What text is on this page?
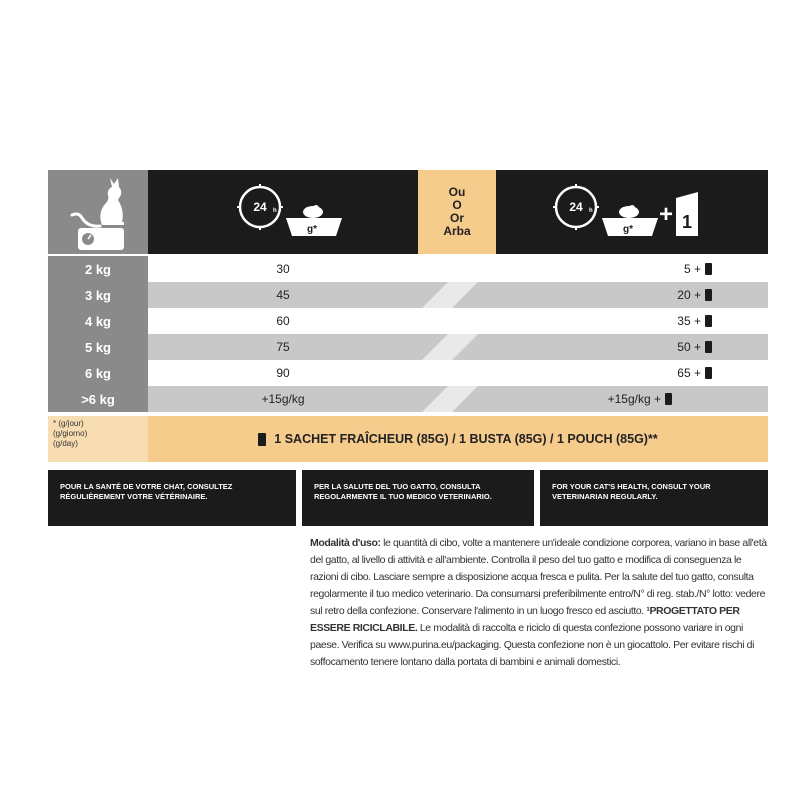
24 h
g*
Ou
O
Or
Arba
24 h
g*
+ 1
2 kg
3 kg
4 kg
5 kg
6 kg
>6 kg
30
45
60
75
90
+15g/kg
5 +
20 +
35 +
50 +
65 +
+15g/kg +
* (g/jour)
(g/giorno)
(g/day)	1 SACHET FRAÎCHEUR (85G) / 1 BUSTA (85G) / 1 POUCH (85G)**
POUR LA SANTÉ DE VOTRE CHAT, CONSULTEZ RÉGULIÈREMENT VOTRE VÉTÉRINAIRE.
PER LA SALUTE DEL TUO GATTO, CONSULTA REGOLARMENTE IL TUO MEDICO VETERINARIO.
FOR YOUR CAT'S HEALTH, CONSULT YOUR VETERINARIAN REGULARLY.
Modalità d'uso: le quantità di cibo, volte a mantenere un'ideale condizione corporea, variano in base all'età del gatto, al livello di attività e all'ambiente. Controlla il peso del tuo gatto e modifica di conseguenza le razioni di cibo. Lasciare sempre a disposizione acqua fresca e pulita. Per la salute del tuo gatto, consulta regolarmente il tuo medico veterinario. Da consumarsi preferibilmente entro/N° di reg. stab./N° lotto: vedere sul retro della confezione. Conservare l'alimento in un luogo fresco ed asciutto. ¹PROGETTATO PER ESSERE RICICLABILE. Le modalità di raccolta e riciclo di questa confezione possono variare in ogni paese. Verifica su www.purina.eu/packaging. Questa confezione non è un giocattolo. Per evitare rischi di soffocamento tenere lontano dalla portata di bambini e animali domestici.
